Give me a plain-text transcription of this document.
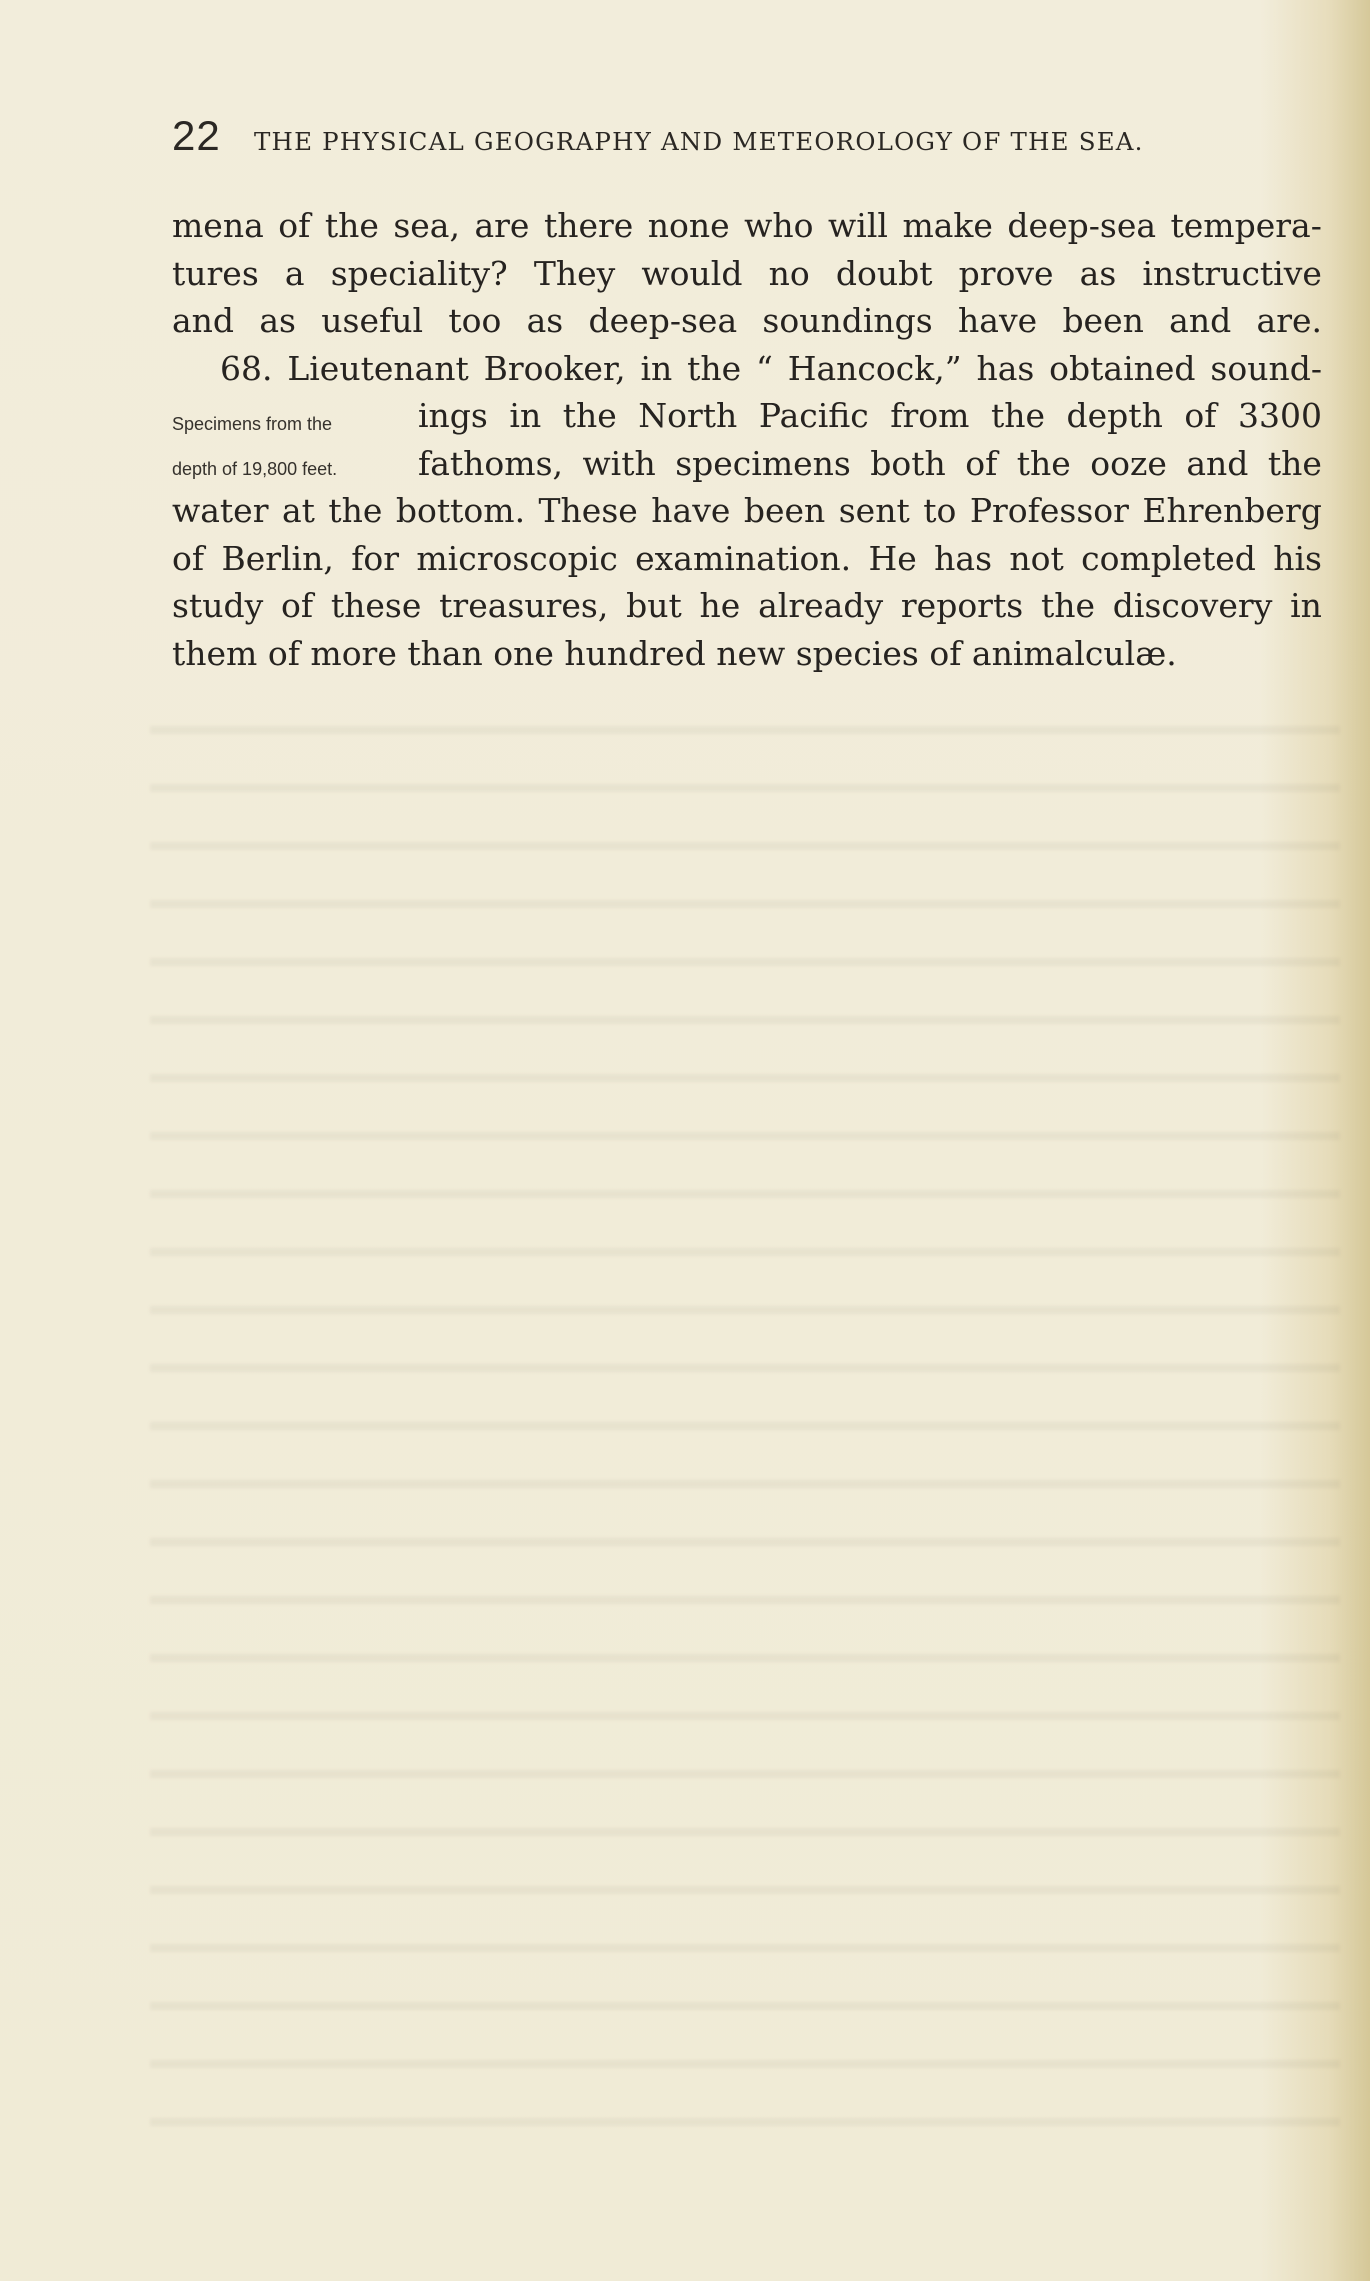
22	THE PHYSICAL GEOGRAPHY AND METEOROLOGY OF THE SEA.
mena of the sea, are there none who will make deep-sea tempera-
tures a speciality? They would no doubt prove as instructive
and as useful too as deep-sea soundings have been and are.
68. Lieutenant Brooker, in the “ Hancock,” has obtained sound-
ings in the North Pacific from the depth of 3300
fathoms, with specimens both of the ooze and the
water at the bottom. These have been sent to Professor Ehrenberg
of Berlin, for microscopic examination. He has not completed his
study of these treasures, but he already reports the discovery in
them of more than one hundred new species of animalculæ.
Specimens from the
depth of 19,800 feet.
